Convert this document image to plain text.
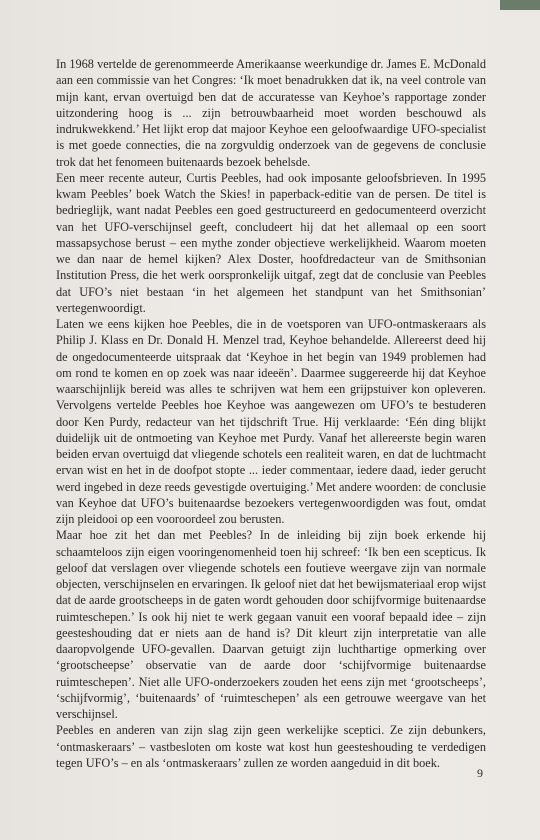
In 1968 vertelde de gerenommeerde Amerikaanse weerkundige dr. James E. McDonald aan een commissie van het Congres: ‘Ik moet benadrukken dat ik, na veel controle van mijn kant, ervan overtuigd ben dat de accuratesse van Keyhoe’s rapportage zonder uitzondering hoog is ... zijn betrouwbaarheid moet worden beschouwd als indrukwekkend.’ Het lijkt erop dat majoor Keyhoe een geloofwaardige UFO-specialist is met goede connecties, die na zorgvuldig onderzoek van de gegevens de conclusie trok dat het fenomeen buitenaards bezoek behelsde.

Een meer recente auteur, Curtis Peebles, had ook imposante geloofsbrieven. In 1995 kwam Peebles’ boek Watch the Skies! in paperback-editie van de persen. De titel is bedrieglijk, want nadat Peebles een goed gestructureerd en gedocumenteerd overzicht van het UFO-verschijnsel geeft, concludeert hij dat het allemaal op een soort massapsychose berust – een mythe zonder objectieve werkelijkheid. Waarom moeten we dan naar de hemel kijken? Alex Doster, hoofdredacteur van de Smithsonian Institution Press, die het werk oorspronkelijk uitgaf, zegt dat de conclusie van Peebles dat UFO’s niet bestaan ‘in het algemeen het standpunt van het Smithsonian’ vertegenwoordigt.

Laten we eens kijken hoe Peebles, die in de voetsporen van UFO-ontmaskeraars als Philip J. Klass en Dr. Donald H. Menzel trad, Keyhoe behandelde. Allereerst deed hij de ongedocumenteerde uitspraak dat ‘Keyhoe in het begin van 1949 problemen had om rond te komen en op zoek was naar ideeën’. Daarmee suggereerde hij dat Keyhoe waarschijnlijk bereid was alles te schrijven wat hem een grijpstuiver kon opleveren. Vervolgens vertelde Peebles hoe Keyhoe was aangewezen om UFO’s te bestuderen door Ken Purdy, redacteur van het tijdschrift True. Hij verklaarde: ‘Eén ding blijkt duidelijk uit de ontmoeting van Keyhoe met Purdy. Vanaf het allereerste begin waren beiden ervan overtuigd dat vliegende schotels een realiteit waren, en dat de luchtmacht ervan wist en het in de doofpot stopte ... ieder commentaar, iedere daad, ieder gerucht werd ingebed in deze reeds gevestigde overtuiging.’ Met andere woorden: de conclusie van Keyhoe dat UFO’s buitenaardse bezoekers vertegenwoordigden was fout, omdat zijn pleidooi op een vooroordeel zou berusten.

Maar hoe zit het dan met Peebles? In de inleiding bij zijn boek erkende hij schaamteloos zijn eigen vooringenomenheid toen hij schreef: ‘Ik ben een scepticus. Ik geloof dat verslagen over vliegende schotels een foutieve weergave zijn van normale objecten, verschijnselen en ervaringen. Ik geloof niet dat het bewijsmateriaal erop wijst dat de aarde grootscheeps in de gaten wordt gehouden door schijfvormige buitenaardse ruimteschepen.’ Is ook hij niet te werk gegaan vanuit een vooraf bepaald idee – zijn geesteshouding dat er niets aan de hand is? Dit kleurt zijn interpretatie van alle daaropvolgende UFO-gevallen. Daarvan getuigt zijn luchthartige opmerking over ‘grootscheepse’ observatie van de aarde door ‘schijfvormige buitenaardse ruimteschepen’. Niet alle UFO-onderzoekers zouden het eens zijn met ‘grootscheeps’, ‘schijfvormig’, ‘buitenaards’ of ‘ruimteschepen’ als een getrouwe weergave van het verschijnsel.

Peebles en anderen van zijn slag zijn geen werkelijke sceptici. Ze zijn debunkers, ‘ontmaskeraars’ – vastbesloten om koste wat kost hun geesteshouding te verdedigen tegen UFO’s – en als ‘ontmaskeraars’ zullen ze worden aangeduid in dit boek.

9
